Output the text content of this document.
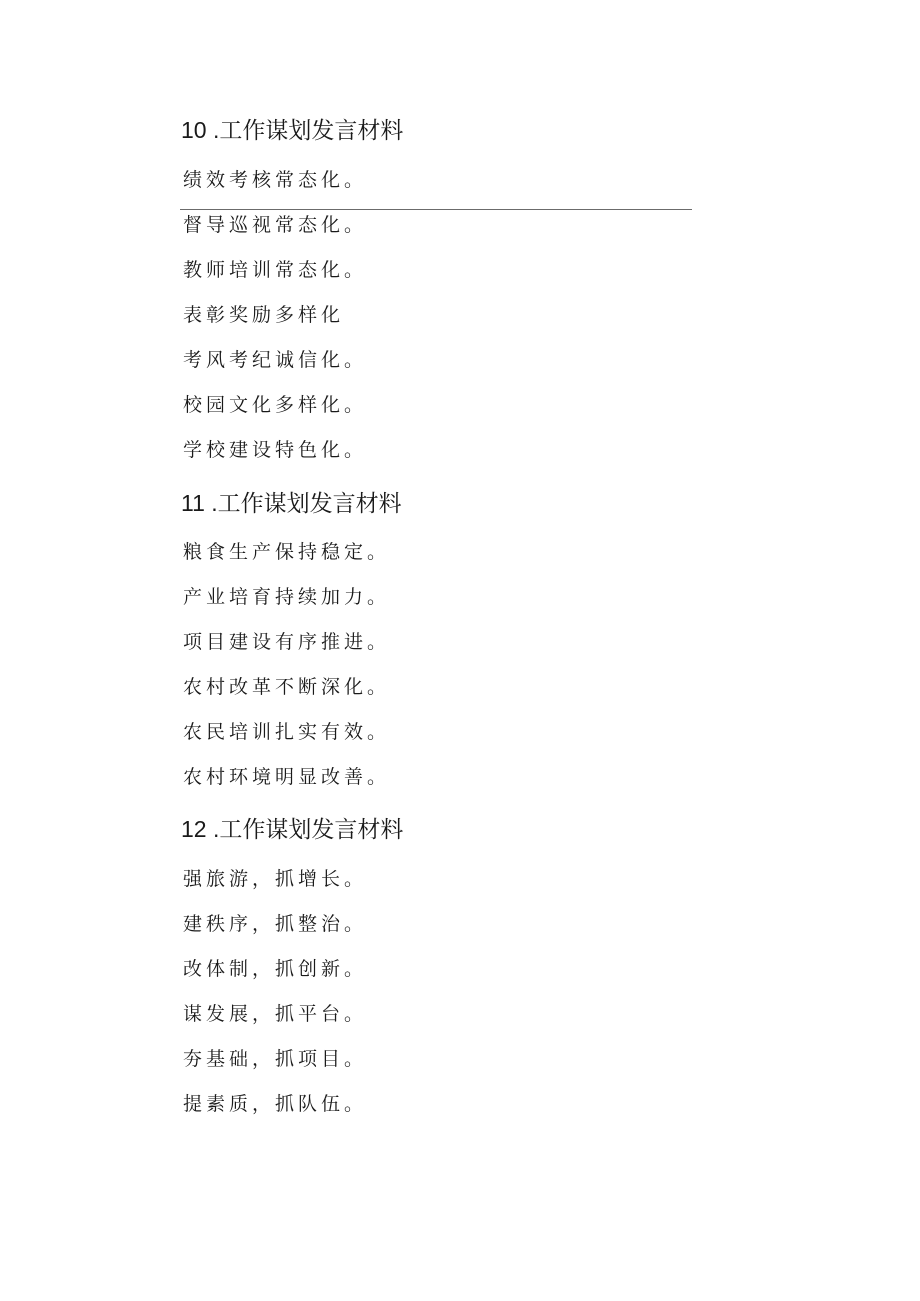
10 .工作谋划发言材料

绩效考核常态化。

督导巡视常态化。

教师培训常态化。

表彰奖励多样化

考风考纪诚信化。

校园文化多样化。

学校建设特色化。

11 .工作谋划发言材料

粮食生产保持稳定。

产业培育持续加力。

项目建设有序推进。

农村改革不断深化。

农民培训扎实有效。

农村环境明显改善。

12 .工作谋划发言材料

强旅游，抓增长。

建秩序，抓整治。

改体制，抓创新。

谋发展，抓平台。

夯基础，抓项目。

提素质，抓队伍。
